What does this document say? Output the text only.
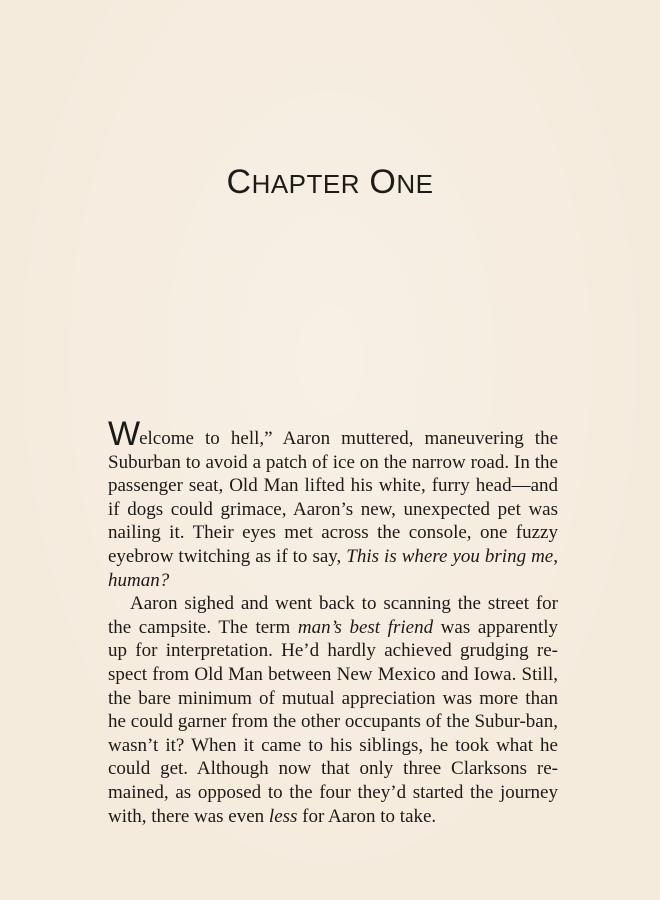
CHAPTER ONE

Welcome to hell,” Aaron muttered, maneuvering the Suburban to avoid a patch of ice on the narrow road. In the passenger seat, Old Man lifted his white, furry head—and if dogs could grimace, Aaron’s new, unexpected pet was nailing it. Their eyes met across the console, one fuzzy eyebrow twitching as if to say, This is where you bring me, human?

Aaron sighed and went back to scanning the street for the campsite. The term man’s best friend was apparently up for interpretation. He’d hardly achieved grudging re-spect from Old Man between New Mexico and Iowa. Still, the bare minimum of mutual appreciation was more than he could garner from the other occupants of the Subur-ban, wasn’t it? When it came to his siblings, he took what he could get. Although now that only three Clarksons re-mained, as opposed to the four they’d started the journey with, there was even less for Aaron to take.
